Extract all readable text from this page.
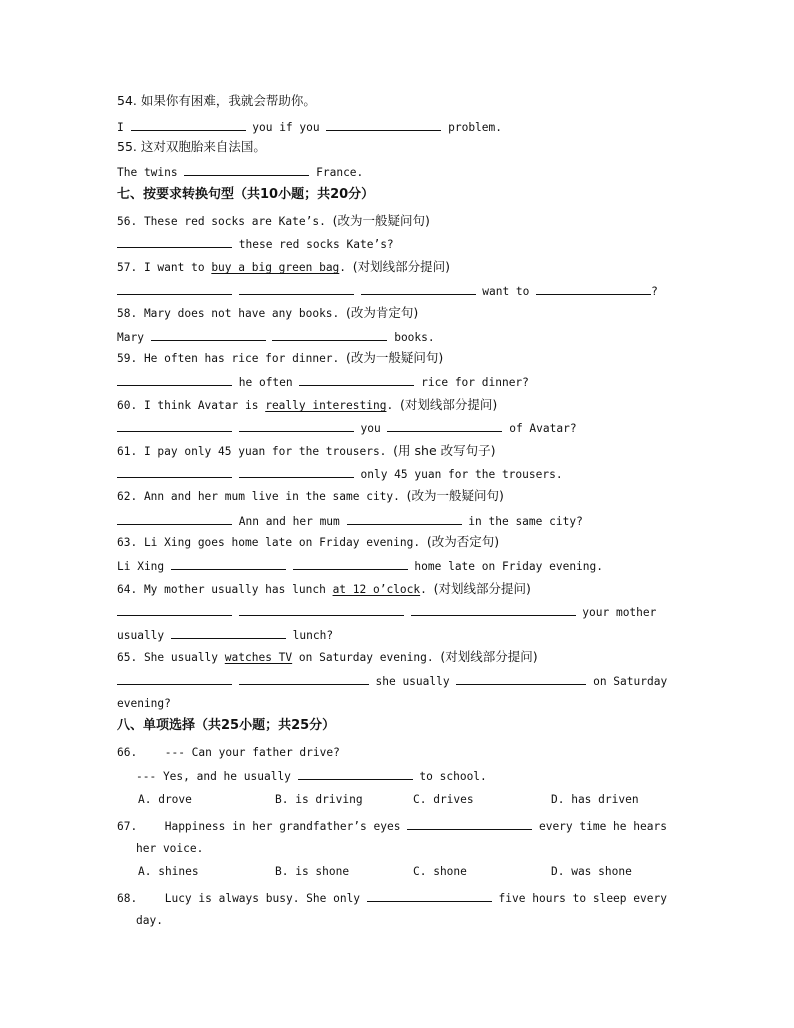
54. 如果你有困难，我就会帮助你。
I	you if you	problem.
55. 这对双胞胎来自法国。
The twins	France.
七、按要求转换句型（共10小题；共20分）
56. These red socks are Kate’s. (改为一般疑问句)
these red socks Kate’s?
57. I want to buy a big green bag. (对划线部分提问)
want to	?
58. Mary does not have any books. (改为肯定句)
Mary	books.
59. He often has rice for dinner. (改为一般疑问句)
he often	rice for dinner?
60. I think Avatar is really interesting. (对划线部分提问)
you	of Avatar?
61. I pay only 45 yuan for the trousers. (用 she 改写句子)
only 45 yuan for the trousers.
62. Ann and her mum live in the same city. (改为一般疑问句)
Ann and her mum	in the same city?
63. Li Xing goes home late on Friday evening. (改为否定句)
Li Xing	home late on Friday evening.
64. My mother usually has lunch at 12 o’clock. (对划线部分提问)
your mother
usually	lunch?
65. She usually watches TV on Saturday evening. (对划线部分提问)
she usually	on Saturday
evening?
八、单项选择（共25小题；共25分）
66. --- Can your father drive?
--- Yes, and he usually	to school.
A. drove	B. is driving	C. drives	D. has driven
67. Happiness in her grandfather’s eyes	every time he hears
her voice.
A. shines	B. is shone	C. shone	D. was shone
68. Lucy is always busy. She only	five hours to sleep every
day.
